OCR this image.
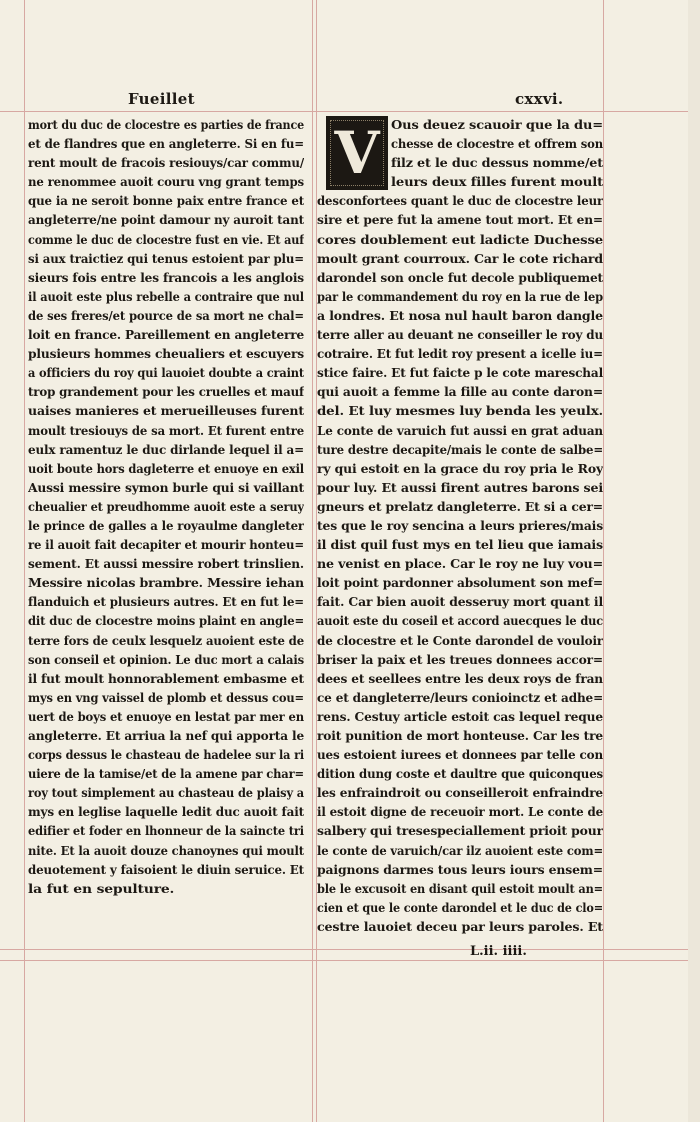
Fueillet	cxxvi.
V
mort du duc de clocestre es parties de france
et de flandres que en angleterre. Si en fu=
rent moult de fracois resiouys/car commu/
ne renommee auoit couru vng grant temps
que ia ne seroit bonne paix entre france et
angleterre/ne point damour ny auroit tant
comme le duc de clocestre fust en vie. Et auf
si aux traictiez qui tenus estoient par plu=
sieurs fois entre les francois a les anglois
il auoit este plus rebelle a contraire que nul
de ses freres/et pource de sa mort ne chal=
loit en france. Pareillement en angleterre
plusieurs hommes cheualiers et escuyers
a officiers du roy qui lauoiet doubte a craint
trop grandement pour les cruelles et mauf
uaises manieres et merueilleuses furent
moult tresiouys de sa mort. Et furent entre
eulx ramentuz le duc dirlande lequel il a=
uoit boute hors dagleterre et enuoye en exil
Aussi messire symon burle qui si vaillant
cheualier et preudhomme auoit este a seruy
le prince de galles a le royaulme dangleter
re il auoit fait decapiter et mourir honteu=
sement. Et aussi messire robert trinslien.
Messire nicolas brambre. Messire iehan
flanduich et plusieurs autres. Et en fut le=
dit duc de clocestre moins plaint en angle=
terre fors de ceulx lesquelz auoient este de
son conseil et opinion. Le duc mort a calais
il fut moult honnorablement embasme et
mys en vng vaissel de plomb et dessus cou=
uert de boys et enuoye en lestat par mer en
angleterre. Et arriua la nef qui apporta le
corps dessus le chasteau de hadelee sur la ri
uiere de la tamise/et de la amene par char=
roy tout simplement au chasteau de plaisy a
mys en leglise laquelle ledit duc auoit fait
edifier et foder en lhonneur de la saincte tri
nite. Et la auoit douze chanoynes qui moult
deuotement y faisoient le diuin seruice. Et
la fut en sepulture.
Ous deuez scauoir que la du=
chesse de clocestre et offrem son
filz et le duc dessus nomme/et
leurs deux filles furent moult
desconfortees quant le duc de clocestre leur
sire et pere fut la amene tout mort. Et en=
cores doublement eut ladicte Duchesse
moult grant courroux. Car le cote richard
darondel son oncle fut decole publiquemet
par le commandement du roy en la rue de lep
a londres. Et nosa nul hault baron dangle
terre aller au deuant ne conseiller le roy du
cotraire. Et fut ledit roy present a icelle iu=
stice faire. Et fut faicte p le cote mareschal
qui auoit a femme la fille au conte daron=
del. Et luy mesmes luy benda les yeulx.
Le conte de varuich fut aussi en grat aduan
ture destre decapite/mais le conte de salbe=
ry qui estoit en la grace du roy pria le Roy
pour luy. Et aussi firent autres barons sei
gneurs et prelatz dangleterre. Et si a cer=
tes que le roy sencina a leurs prieres/mais
il dist quil fust mys en tel lieu que iamais
ne venist en place. Car le roy ne luy vou=
loit point pardonner absolument son mef=
fait. Car bien auoit desseruy mort quant il
auoit este du coseil et accord auecques le duc
de clocestre et le Conte darondel de vouloir
briser la paix et les treues donnees accor=
dees et seellees entre les deux roys de fran
ce et dangleterre/leurs conioinctz et adhe=
rens. Cestuy article estoit cas lequel reque
roit punition de mort honteuse. Car les tre
ues estoient iurees et donnees par telle con
dition dung coste et daultre que quiconques
les enfraindroit ou conseilleroit enfraindre
il estoit digne de receuoir mort. Le conte de
salbery qui tresespeciallement prioit pour
le conte de varuich/car ilz auoient este com=
paignons darmes tous leurs iours ensem=
ble le excusoit en disant quil estoit moult an=
cien et que le conte darondel et le duc de clo=
cestre lauoiet deceu par leurs paroles. Et
L.ii. iiii.
